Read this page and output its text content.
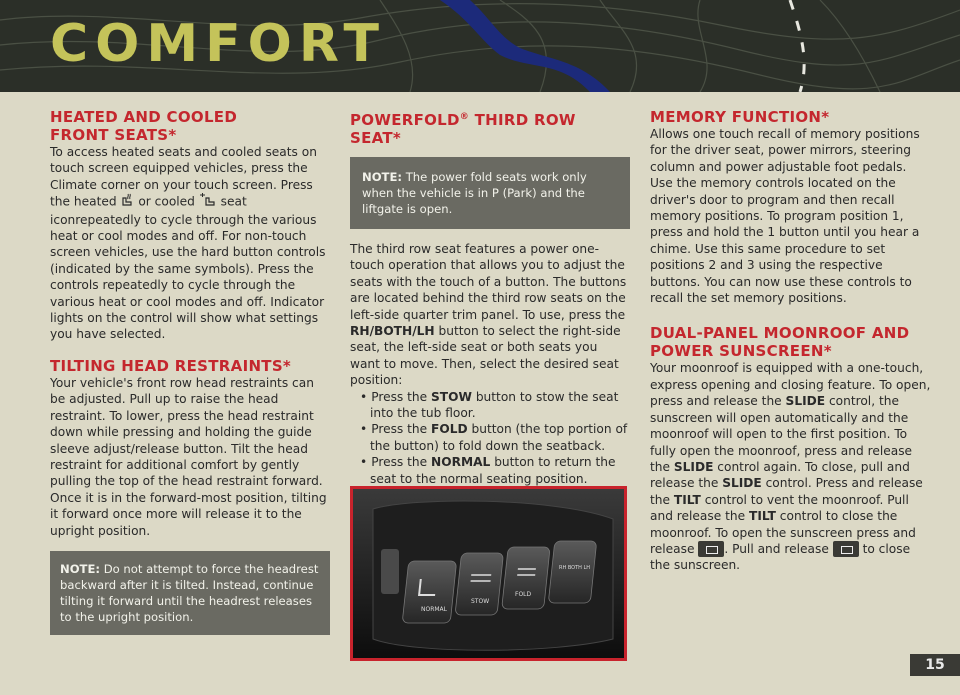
COMFORT
HEATED AND COOLED
FRONT SEATS*

To access heated seats and cooled seats on touch screen equipped vehicles, press the Climate corner on your touch screen. Press the heated or cooled seat iconrepeatedly to cycle through the various heat or cool modes and off. For non-touch screen vehicles, use the hard button controls (indicated by the same symbols). Press the controls repeatedly to cycle through the various heat or cool modes and off. Indicator lights on the control will show what settings you have selected.

TILTING HEAD RESTRAINTS*

Your vehicle's front row head restraints can be adjusted. Pull up to raise the head restraint. To lower, press the head restraint down while pressing and holding the guide sleeve adjust/release button. Tilt the head restraint for additional comfort by gently pulling the top of the head restraint forward. Once it is in the forward-most position, tilting it forward once more will release it to the upright position.

NOTE: Do not attempt to force the headrest backward after it is tilted. Instead, continue tilting it forward until the headrest releases to the upright position.
POWERFOLD® THIRD ROW SEAT*
NOTE: The power fold seats work only when the vehicle is in P (Park) and the liftgate is open.

The third row seat features a power one-touch operation that allows you to adjust the seats with the touch of a button. The buttons are located behind the third row seats on the left-side quarter trim panel. To use, press the RH/BOTH/LH button to select the right-side seat, the left-side seat or both seats you want to move. Then, select the desired seat position:

• Press the STOW button to stow the seat into the tub floor.
• Press the FOLD button (the top portion of the button) to fold down the seatback.
• Press the NORMAL button to return the seat to the normal seating position.
NORMAL
STOW
FOLD
RH BOTH LH
MEMORY FUNCTION*

Allows one touch recall of memory positions for the driver seat, power mirrors, steering column and power adjustable foot pedals. Use the memory controls located on the driver's door to program and then recall memory positions. To program position 1, press and hold the 1 button until you hear a chime. Use this same procedure to set positions 2 and 3 using the respective buttons. You can now use these controls to recall the set memory positions.

DUAL-PANEL MOONROOF AND
POWER SUNSCREEN*

Your moonroof is equipped with a one-touch, express opening and closing feature. To open, press and release the SLIDE control, the sunscreen will open automatically and the moonroof will open to the first position. To fully open the moonroof, press and release the SLIDE control again. To close, pull and release the SLIDE control. Press and release the TILT control to vent the moonroof. Pull and release the TILT control to close the moonroof. To open the sunscreen press and release . Pull and release	to close the sunscreen.

15
